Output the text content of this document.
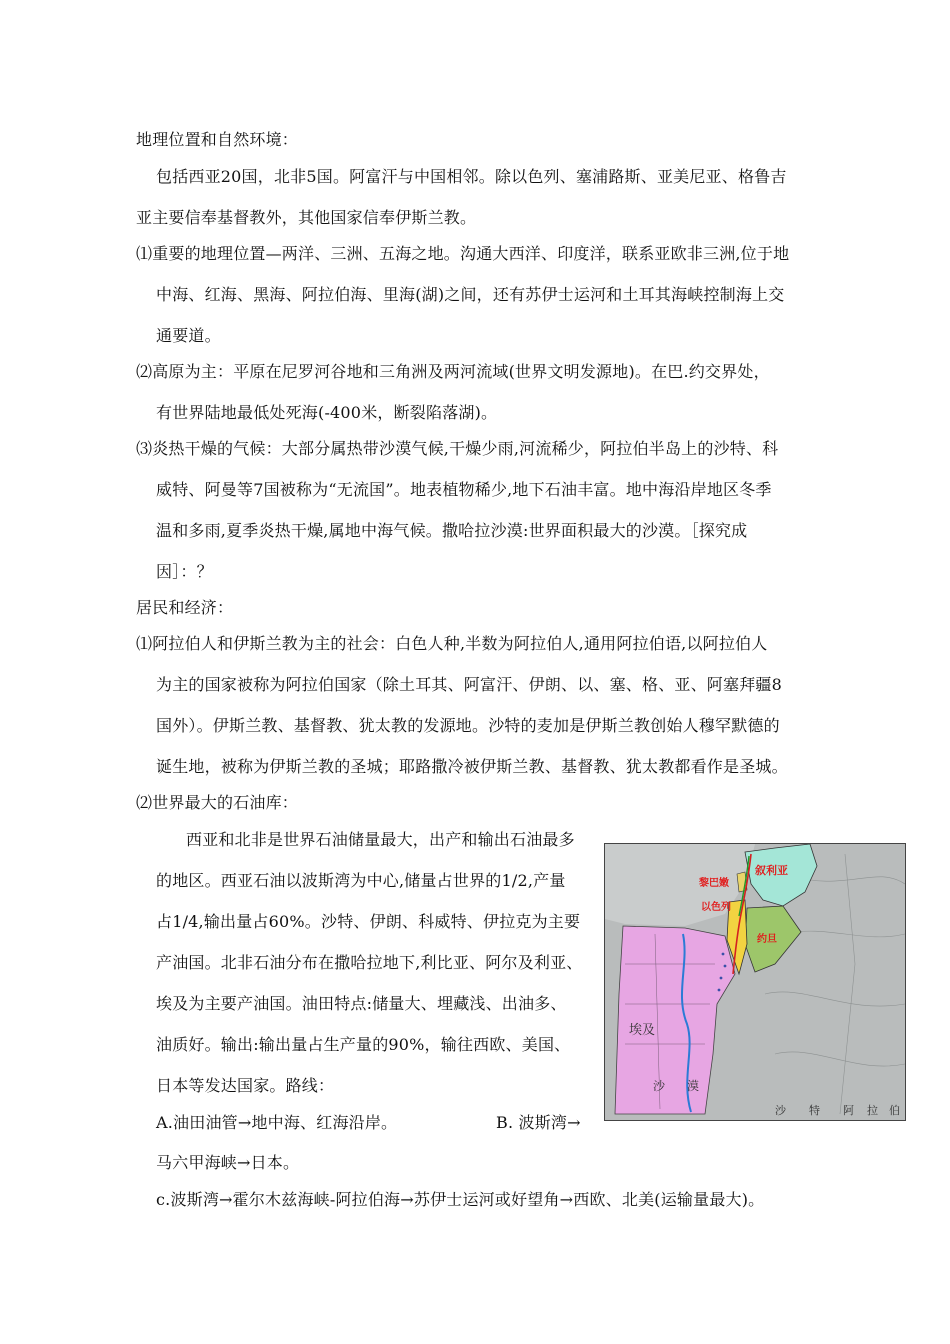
地理位置和自然环境：
包括西亚20国，北非5国。阿富汗与中国相邻。除以色列、塞浦路斯、亚美尼亚、格鲁吉
亚主要信奉基督教外，其他国家信奉伊斯兰教。
⑴重要的地理位置—两洋、三洲、五海之地。沟通大西洋、印度洋，联系亚欧非三洲,位于地
中海、红海、黑海、阿拉伯海、里海(湖)之间，还有苏伊士运河和土耳其海峡控制海上交
通要道。
⑵高原为主：平原在尼罗河谷地和三角洲及两河流域(世界文明发源地)。在巴.约交界处，
有世界陆地最低处死海(-400米，断裂陷落湖)。
⑶炎热干燥的气候：大部分属热带沙漠气候,干燥少雨,河流稀少，阿拉伯半岛上的沙特、科
威特、阿曼等7国被称为“无流国”。地表植物稀少,地下石油丰富。地中海沿岸地区冬季
温和多雨,夏季炎热干燥,属地中海气候。撒哈拉沙漠:世界面积最大的沙漠。［探究成
因］：？
居民和经济：
⑴阿拉伯人和伊斯兰教为主的社会：白色人种,半数为阿拉伯人,通用阿拉伯语,以阿拉伯人
为主的国家被称为阿拉伯国家（除土耳其、阿富汗、伊朗、以、塞、格、亚、阿塞拜疆8
国外）。伊斯兰教、基督教、犹太教的发源地。沙特的麦加是伊斯兰教创始人穆罕默德的
诞生地，被称为伊斯兰教的圣城；耶路撒冷被伊斯兰教、基督教、犹太教都看作是圣城。
⑵世界最大的石油库：
西亚和北非是世界石油储量最大，出产和输出石油最多
的地区。西亚石油以波斯湾为中心,储量占世界的1/2,产量
占1/4,输出量占60%。沙特、伊朗、科威特、伊拉克为主要
产油国。北非石油分布在撒哈拉地下,利比亚、阿尔及利亚、
埃及为主要产油国。油田特点:储量大、埋藏浅、出油多、
油质好。输出:输出量占生产量的90%，输往西欧、美国、
日本等发达国家。路线：
A.油田油管→地中海、红海沿岸。	B. 波斯湾→
马六甲海峡→日本。
c.波斯湾→霍尔木兹海峡-阿拉伯海→苏伊士运河或好望角→西欧、北美(运输量最大)。
叙利亚
黎巴嫩
以色列
约旦
埃及
沙 漠
沙 特 阿 拉 伯
